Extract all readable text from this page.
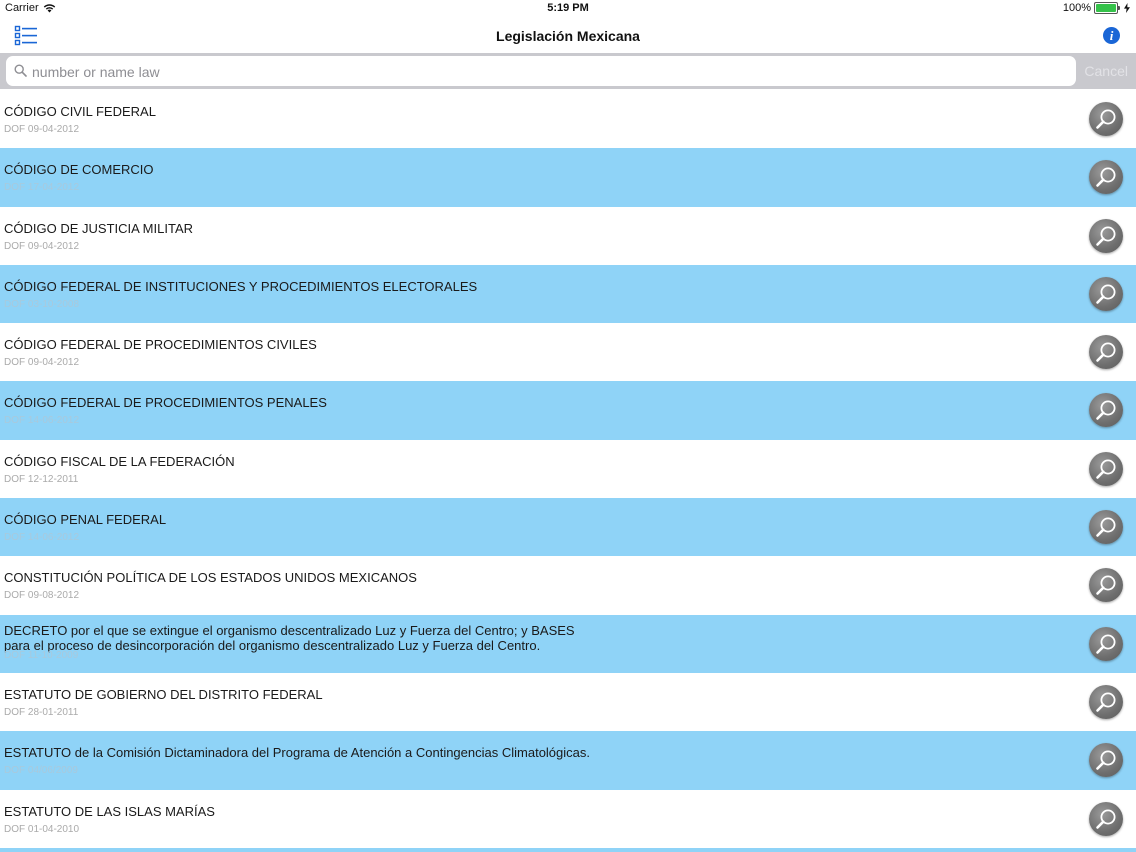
Carrier	5:19 PM	100%
Legislación Mexicana	i
number or name law
Cancel
CÓDIGO CIVIL FEDERAL
DOF 09-04-2012
CÓDIGO DE COMERCIO
DOF 17-04-2012
CÓDIGO DE JUSTICIA MILITAR
DOF 09-04-2012
CÓDIGO FEDERAL DE INSTITUCIONES Y PROCEDIMIENTOS ELECTORALES
DOF 03-10-2008
CÓDIGO FEDERAL DE PROCEDIMIENTOS CIVILES
DOF 09-04-2012
CÓDIGO FEDERAL DE PROCEDIMIENTOS PENALES
DOF 14-06-2012
CÓDIGO FISCAL DE LA FEDERACIÓN
DOF 12-12-2011
CÓDIGO PENAL FEDERAL
DOF 14-06-2012
CONSTITUCIÓN POLÍTICA DE LOS ESTADOS UNIDOS MEXICANOS
DOF 09-08-2012
DECRETO por el que se extingue el organismo descentralizado Luz y Fuerza del Centro; y BASES
para el proceso de desincorporación del organismo descentralizado Luz y Fuerza del Centro.
DOF 11-10-2009
ESTATUTO DE GOBIERNO DEL DISTRITO FEDERAL
DOF 28-01-2011
ESTATUTO de la Comisión Dictaminadora del Programa de Atención a Contingencias Climatológicas.
DOF 04/06/2009
ESTATUTO DE LAS ISLAS MARÍAS
DOF 01-04-2010
